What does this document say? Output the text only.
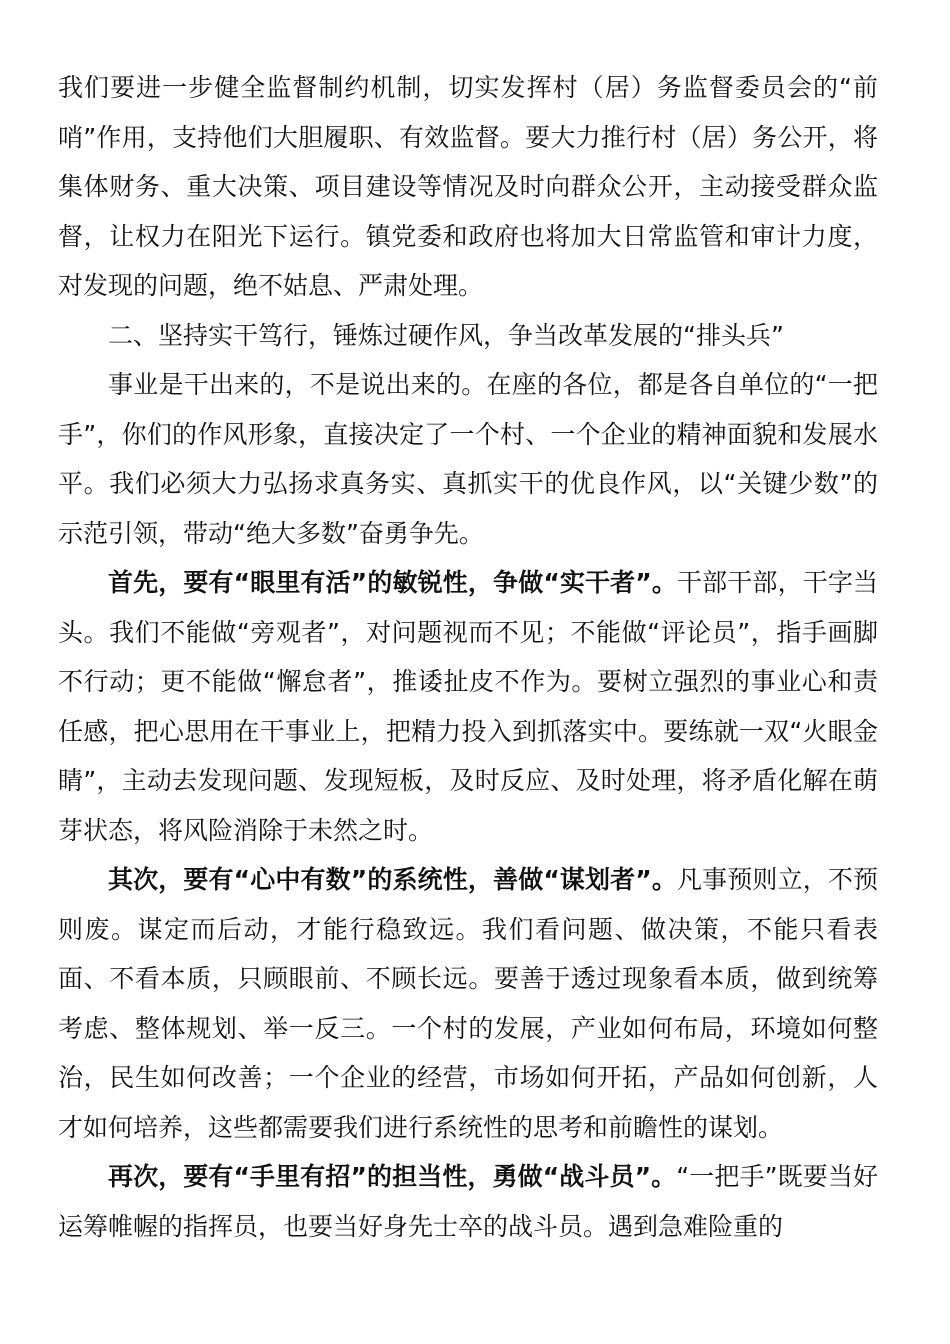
我们要进一步健全监督制约机制，切实发挥村（居）务监督委员会的“前哨”作用，支持他们大胆履职、有效监督。要大力推行村（居）务公开，将集体财务、重大决策、项目建设等情况及时向群众公开，主动接受群众监督，让权力在阳光下运行。镇党委和政府也将加大日常监管和审计力度，对发现的问题，绝不姑息、严肃处理。

二、坚持实干笃行，锤炼过硬作风，争当改革发展的“排头兵”

事业是干出来的，不是说出来的。在座的各位，都是各自单位的“一把手”，你们的作风形象，直接决定了一个村、一个企业的精神面貌和发展水平。我们必须大力弘扬求真务实、真抓实干的优良作风，以“关键少数”的示范引领，带动“绝大多数”奋勇争先。

首先，要有“眼里有活”的敏锐性，争做“实干者”。干部干部，干字当头。我们不能做“旁观者”，对问题视而不见；不能做“评论员”，指手画脚不行动；更不能做“懈怠者”，推诿扯皮不作为。要树立强烈的事业心和责任感，把心思用在干事业上，把精力投入到抓落实中。要练就一双“火眼金睛”，主动去发现问题、发现短板，及时反应、及时处理，将矛盾化解在萌芽状态，将风险消除于未然之时。

其次，要有“心中有数”的系统性，善做“谋划者”。凡事预则立，不预则废。谋定而后动，才能行稳致远。我们看问题、做决策，不能只看表面、不看本质，只顾眼前、不顾长远。要善于透过现象看本质，做到统筹考虑、整体规划、举一反三。一个村的发展，产业如何布局，环境如何整治，民生如何改善；一个企业的经营，市场如何开拓，产品如何创新，人才如何培养，这些都需要我们进行系统性的思考和前瞻性的谋划。

再次，要有“手里有招”的担当性，勇做“战斗员”。“一把手”既要当好运筹帷幄的指挥员，也要当好身先士卒的战斗员。遇到急难险重的
